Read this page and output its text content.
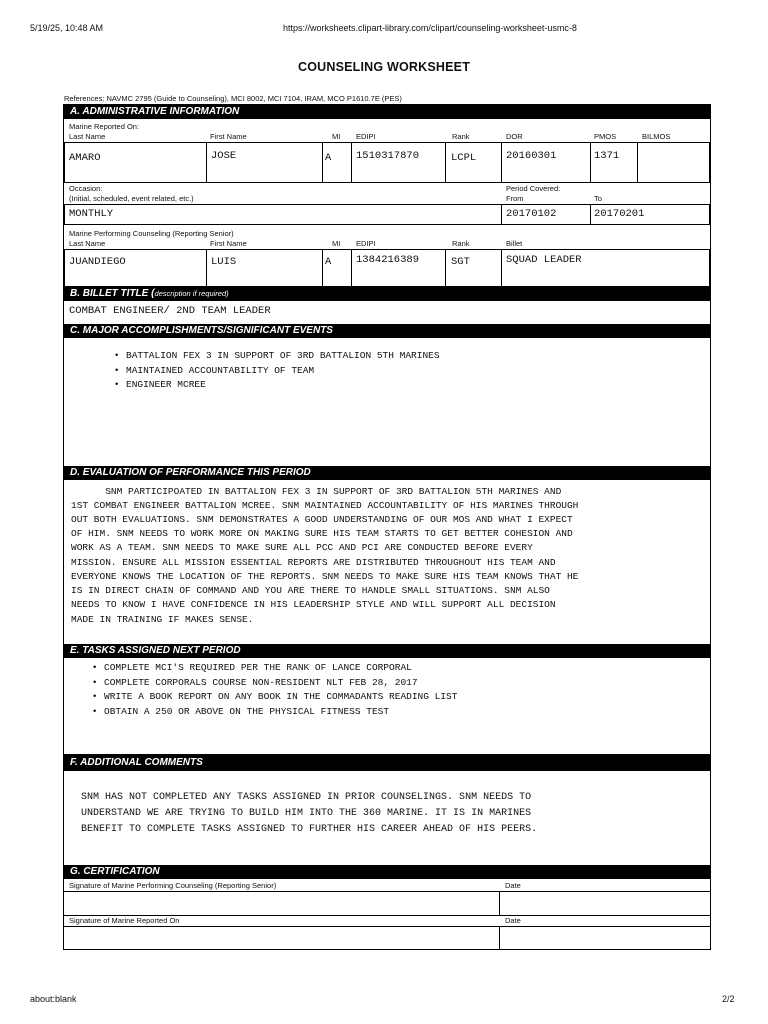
5/19/25, 10:48 AM	https://worksheets.clipart-library.com/clipart/counseling-worksheet-usmc-8
about:blank	2/2
COUNSELING WORKSHEET
References: NAVMC 2795 (Guide to Counseling), MCI 8002, MCI 7104, IRAM, MCO P1610.7E (PES)
A. ADMINISTRATIVE INFORMATION
Marine Reported On:
Last Name	First Name	MI EDIPI	Rank	DOR	PMOS	BILMOS
AMARO	JOSE	A 1510317870	LCPL	20160301	1371
Occasion:
(Initial, scheduled, event related, etc.)
Period Covered:
From	To
MONTHLY	20170102	20170201
Marine Performing Counseling (Reporting Senior)
Last Name	First Name	MI EDIPI	Rank	Billet
JUANDIEGO	LUIS	A 1384216389	SGT	SQUAD LEADER
B. BILLET TITLE (description if required)
COMBAT ENGINEER/ 2ND TEAM LEADER
C. MAJOR ACCOMPLISHMENTS/SIGNIFICANT EVENTS
• BATTALION FEX 3 IN SUPPORT OF 3RD BATTALION 5TH MARINES
• MAINTAINED ACCOUNTABILITY OF TEAM
• ENGINEER MCREE
D. EVALUATION OF PERFORMANCE THIS PERIOD
SNM PARTICIPOATED IN BATTALION FEX 3 IN SUPPORT OF 3RD BATTALION 5TH MARINES AND
1ST COMBAT ENGINEER BATTALION MCREE. SNM MAINTAINED ACCOUNTABILITY OF HIS MARINES THROUGH
OUT BOTH EVALUATIONS. SNM DEMONSTRATES A GOOD UNDERSTANDING OF OUR MOS AND WHAT I EXPECT
OF HIM. SNM NEEDS TO WORK MORE ON MAKING SURE HIS TEAM STARTS TO GET BETTER COHESION AND
WORK AS A TEAM. SNM NEEDS TO MAKE SURE ALL PCC AND PCI ARE CONDUCTED BEFORE EVERY
MISSION. ENSURE ALL MISSION ESSENTIAL REPORTS ARE DISTRIBUTED THROUGHOUT HIS TEAM AND
EVERYONE KNOWS THE LOCATION OF THE REPORTS. SNM NEEDS TO MAKE SURE HIS TEAM KNOWS THAT HE
IS IN DIRECT CHAIN OF COMMAND AND YOU ARE THERE TO HANDLE SMALL SITUATIONS. SNM ALSO
NEEDS TO KNOW I HAVE CONFIDENCE IN HIS LEADERSHIP STYLE AND WILL SUPPORT ALL DECISION
MADE IN TRAINING IF MAKES SENSE.
E. TASKS ASSIGNED NEXT PERIOD
• COMPLETE MCI'S REQUIRED PER THE RANK OF LANCE CORPORAL
• COMPLETE CORPORALS COURSE NON-RESIDENT NLT FEB 28, 2017
• WRITE A BOOK REPORT ON ANY BOOK IN THE COMMADANTS READING LIST
• OBTAIN A 250 OR ABOVE ON THE PHYSICAL FITNESS TEST
F. ADDITIONAL COMMENTS
SNM HAS NOT COMPLETED ANY TASKS ASSIGNED IN PRIOR COUNSELINGS. SNM NEEDS TO
UNDERSTAND WE ARE TRYING TO BUILD HIM INTO THE 360 MARINE. IT IS IN MARINES
BENEFIT TO COMPLETE TASKS ASSIGNED TO FURTHER HIS CAREER AHEAD OF HIS PEERS.
G. CERTIFICATION
Signature of Marine Performing Counseling (Reporting Senior)	Date
Signature of Marine Reported On	Date
